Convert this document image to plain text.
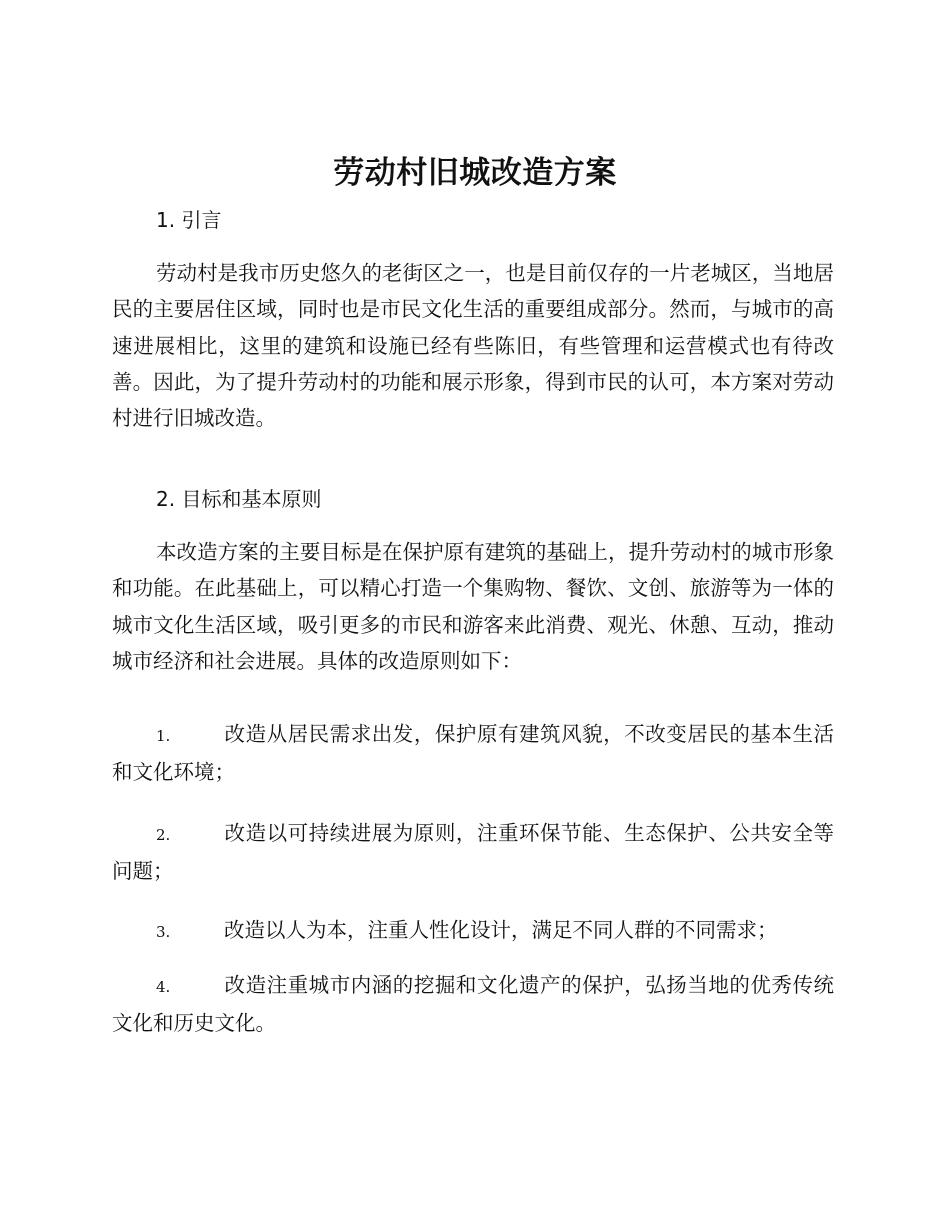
劳动村旧城改造方案
1. 引言

劳动村是我市历史悠久的老街区之一，也是目前仅存的一片老城区，当地居民的主要居住区域，同时也是市民文化生活的重要组成部分。然而，与城市的高速进展相比，这里的建筑和设施已经有些陈旧，有些管理和运营模式也有待改善。因此，为了提升劳动村的功能和展示形象，得到市民的认可，本方案对劳动村进行旧城改造。

2. 目标和基本原则

本改造方案的主要目标是在保护原有建筑的基础上，提升劳动村的城市形象和功能。在此基础上，可以精心打造一个集购物、餐饮、文创、旅游等为一体的城市文化生活区域，吸引更多的市民和游客来此消费、观光、休憩、互动，推动城市经济和社会进展。具体的改造原则如下：

1.	改造从居民需求出发，保护原有建筑风貌，不改变居民的基本生活和文化环境；

2.	改造以可持续进展为原则，注重环保节能、生态保护、公共安全等问题；

3.	改造以人为本，注重人性化设计，满足不同人群的不同需求；

4.	改造注重城市内涵的挖掘和文化遗产的保护，弘扬当地的优秀传统文化和历史文化。
